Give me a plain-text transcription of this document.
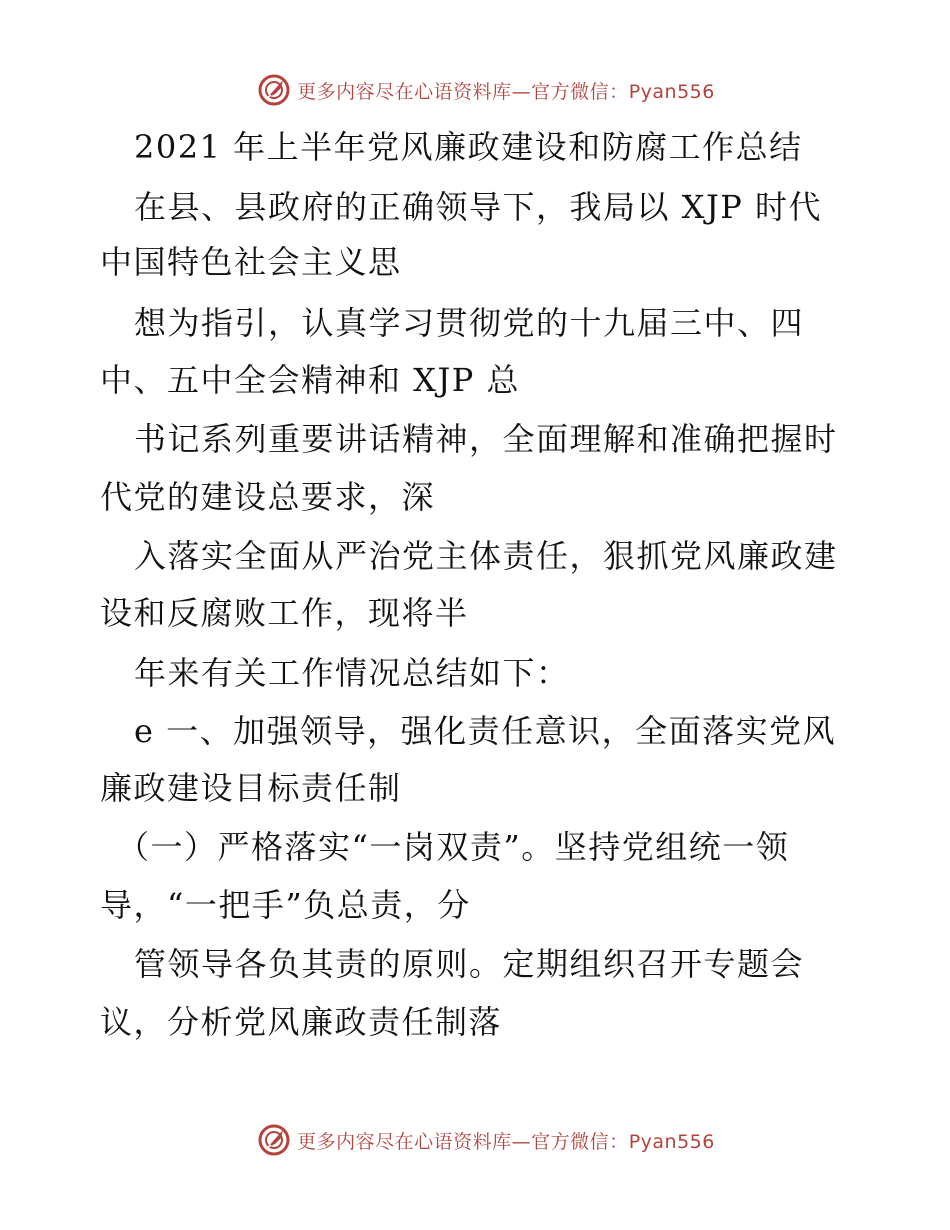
更多内容尽在心语资料库—官方微信：Pyan556
2021 年上半年党风廉政建设和防腐工作总结
在县、县政府的正确领导下，我局以 XJP 时代
中国特色社会主义思
想为指引，认真学习贯彻党的十九届三中、四
中、五中全会精神和 XJP 总
书记系列重要讲话精神，全面理解和准确把握时
代党的建设总要求，深
入落实全面从严治党主体责任，狠抓党风廉政建
设和反腐败工作，现将半
年来有关工作情况总结如下：
e 一、加强领导，强化责任意识，全面落实党风
廉政建设目标责任制
（一）严格落实“一岗双责”。坚持党组统一领
导，“一把手”负总责，分
管领导各负其责的原则。定期组织召开专题会
议，分析党风廉政责任制落
更多内容尽在心语资料库—官方微信：Pyan556
